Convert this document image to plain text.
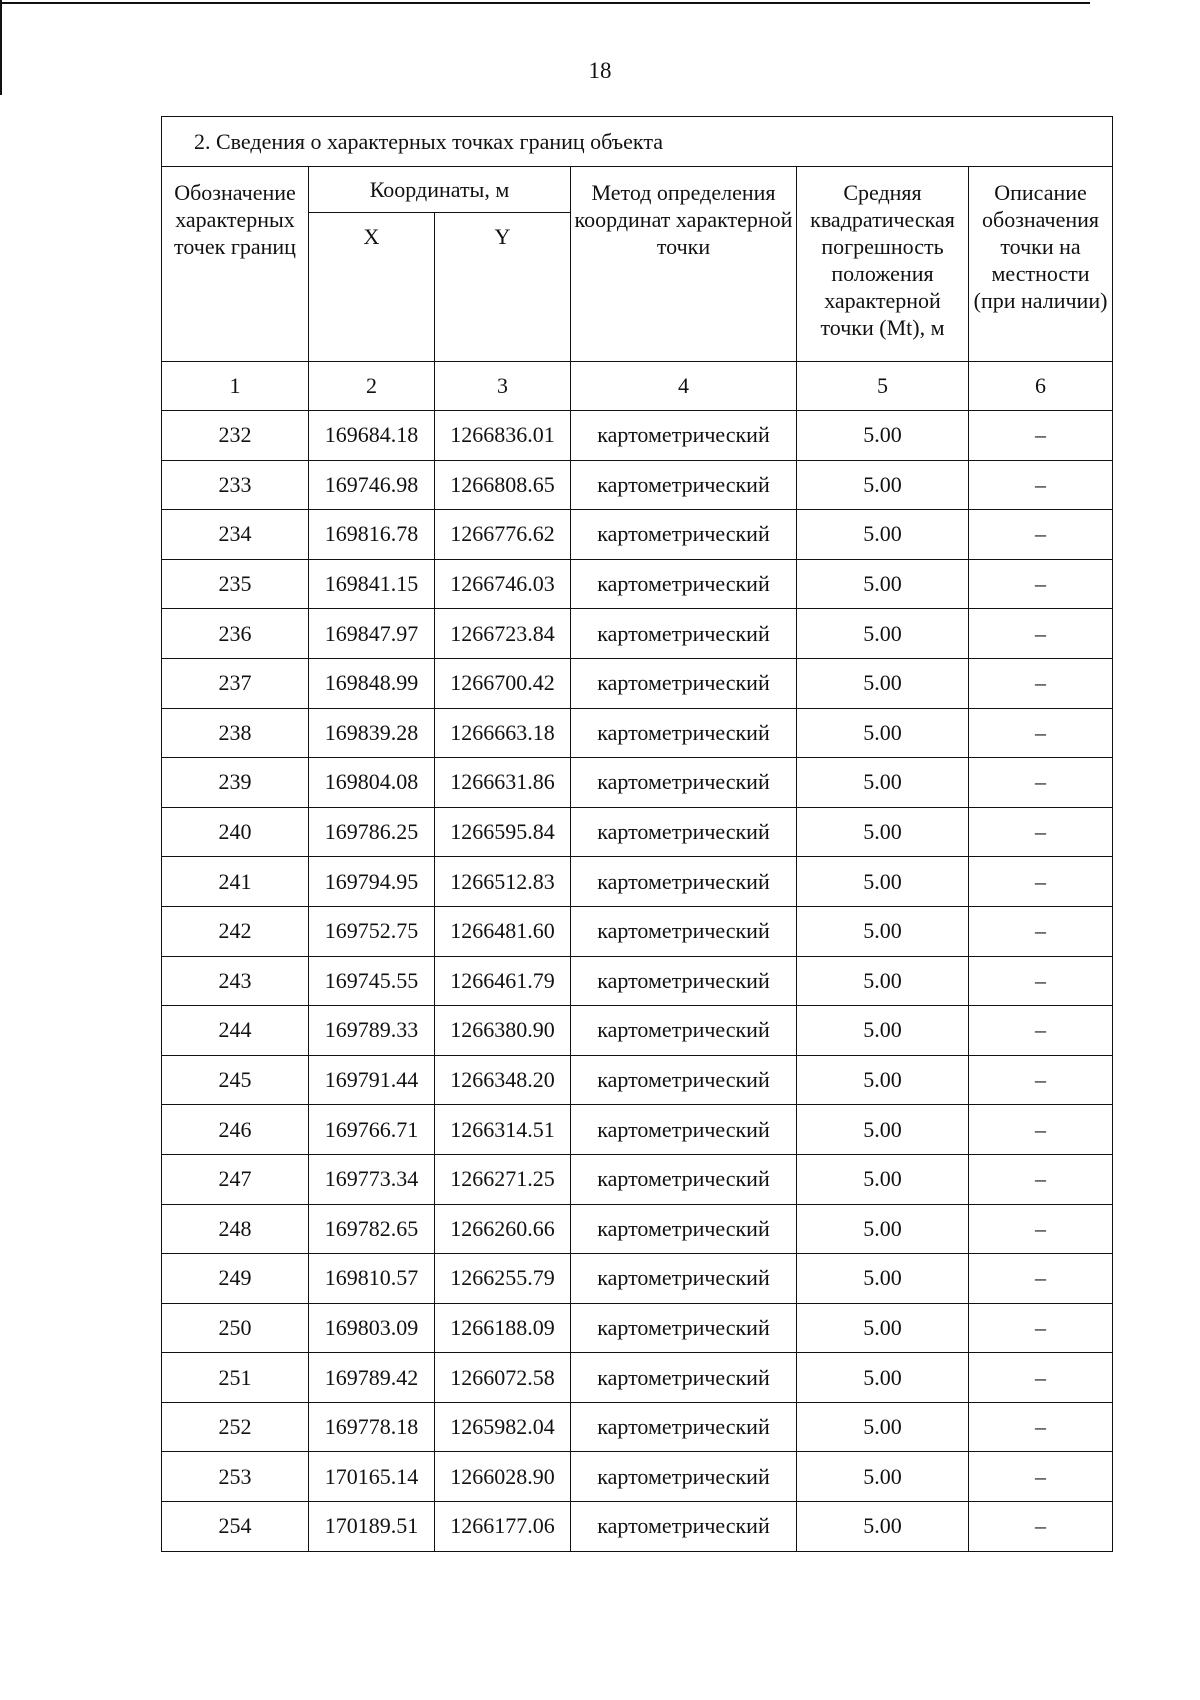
18
2. Сведения о характерных точках границ объекта					
Обозначение характерных точек границ	Координаты, м		Метод определения координат характерной точки	Средняя квадратическая погрешность положения характерной точки (Mt), м	Описание обозначения точки на местности (при наличии)
	X	Y			
1	2	3	4	5	6
232	169684.18	1266836.01	картометрический	5.00	–
233	169746.98	1266808.65	картометрический	5.00	–
234	169816.78	1266776.62	картометрический	5.00	–
235	169841.15	1266746.03	картометрический	5.00	–
236	169847.97	1266723.84	картометрический	5.00	–
237	169848.99	1266700.42	картометрический	5.00	–
238	169839.28	1266663.18	картометрический	5.00	–
239	169804.08	1266631.86	картометрический	5.00	–
240	169786.25	1266595.84	картометрический	5.00	–
241	169794.95	1266512.83	картометрический	5.00	–
242	169752.75	1266481.60	картометрический	5.00	–
243	169745.55	1266461.79	картометрический	5.00	–
244	169789.33	1266380.90	картометрический	5.00	–
245	169791.44	1266348.20	картометрический	5.00	–
246	169766.71	1266314.51	картометрический	5.00	–
247	169773.34	1266271.25	картометрический	5.00	–
248	169782.65	1266260.66	картометрический	5.00	–
249	169810.57	1266255.79	картометрический	5.00	–
250	169803.09	1266188.09	картометрический	5.00	–
251	169789.42	1266072.58	картометрический	5.00	–
252	169778.18	1265982.04	картометрический	5.00	–
253	170165.14	1266028.90	картометрический	5.00	–
254	170189.51	1266177.06	картометрический	5.00	–
